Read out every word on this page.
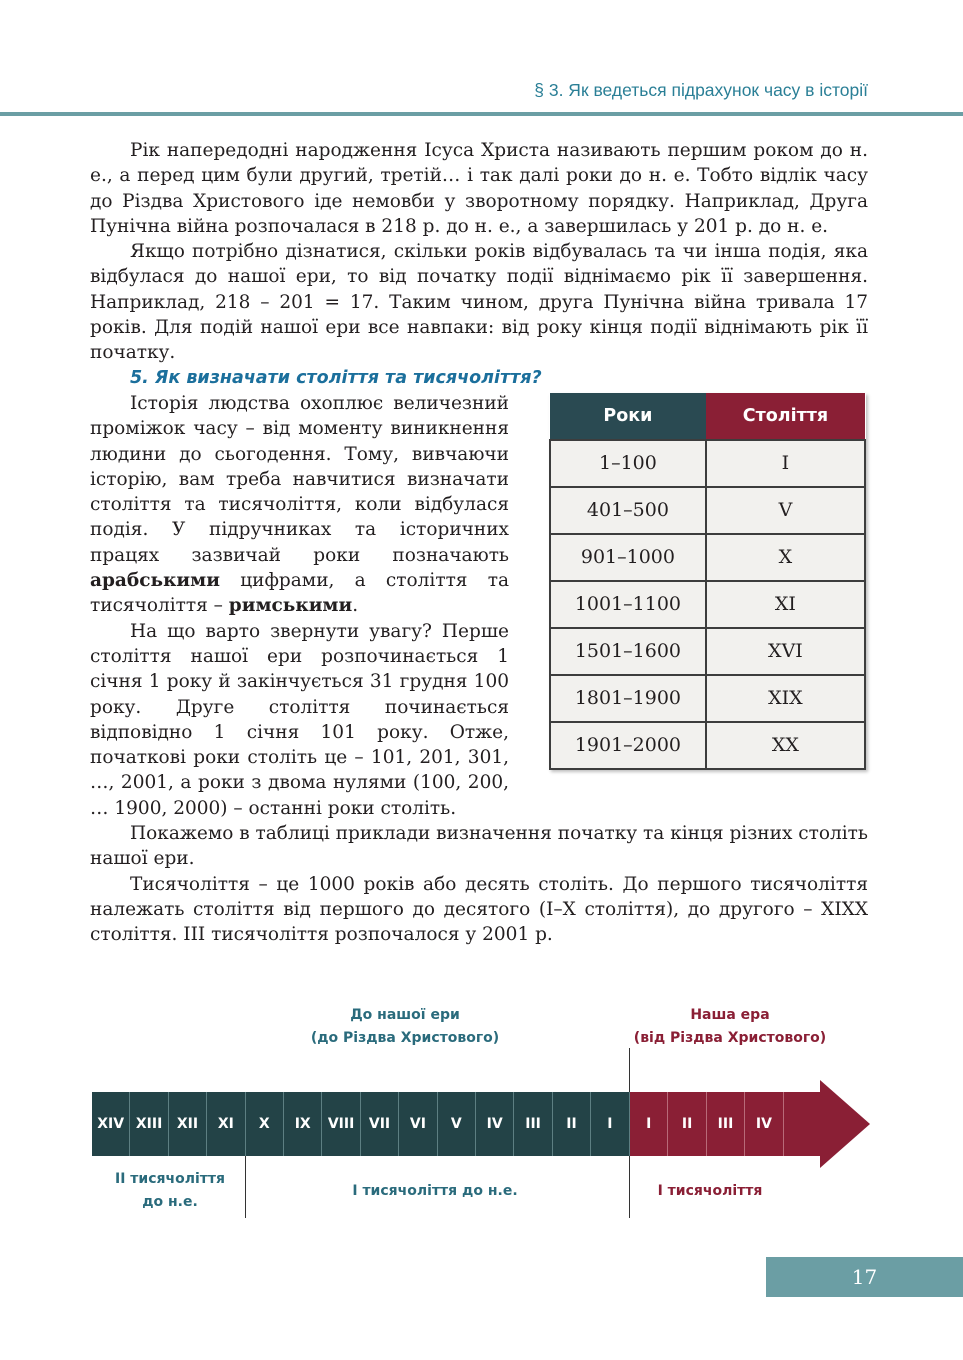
§ 3. Як ведеться підрахунок часу в історії

Рік напередодні народження Ісуса Христа називають першим роком до н. е., а перед цим були другий, третій… і так далі роки до н. е. Тобто відлік часу до Різдва Христового іде немовби у зворотному порядку. Наприклад, Друга Пунічна війна розпочалася в 218 р. до н. е., а завершилась у 201 р. до н. е.

Якщо потрібно дізнатися, скільки років відбувалась та чи інша подія, яка відбулася до нашої ери, то від початку події віднімаємо рік її завершення. Наприклад, 218 – 201 = 17. Таким чином, друга Пунічна війна тривала 17 років. Для подій нашої ери все навпаки: від року кінця події віднімають рік її початку.

5. Як визначати століття та тисячоліття?

Роки	Століття
1–100	I
401–500	V
901–1000	X
1001–1100	XI
1501–1600	XVI
1801–1900	XIX
1901–2000	XX

Історія людства охоплює величезний проміжок часу – від моменту виникнення людини до сьогодення. Тому, вивчаючи історію, вам треба навчитися визначати століття та тисячоліття, коли відбулася подія. У підручниках та історичних працях зазвичай роки позначають арабськими цифрами, а століття та тисячоліття – римськими.

На що варто звернути увагу? Перше століття нашої ери розпочинається 1 січня 1 року й закінчується 31 грудня 100 року. Друге століття починається відповідно 1 січня 101 року. Отже, початкові роки століть це – 101, 201, 301, …, 2001, а роки з двома нулями (100, 200, … 1900, 2000) – останні роки століть.

Покажемо в таблиці приклади визначення початку та кінця різних століть нашої ери.

Тисячоліття – це 1000 років або десять століть. До першого тисячоліття належать століття від першого до десятого (І–Х століття), до другого – ХІХХ століття. ІІІ тисячоліття розпочалося у 2001 р.

До нашої ери
(до Різдва Христового)
Наша ера
(від Різдва Христового)
XIV XIII	XII	XI	X	IX	VIII	VII	VI	V	IV	III	II	I	I	II	III	IV
ІІ тисячоліття
до н.е.
І тисячоліття до н.е.	І тисячоліття
17
